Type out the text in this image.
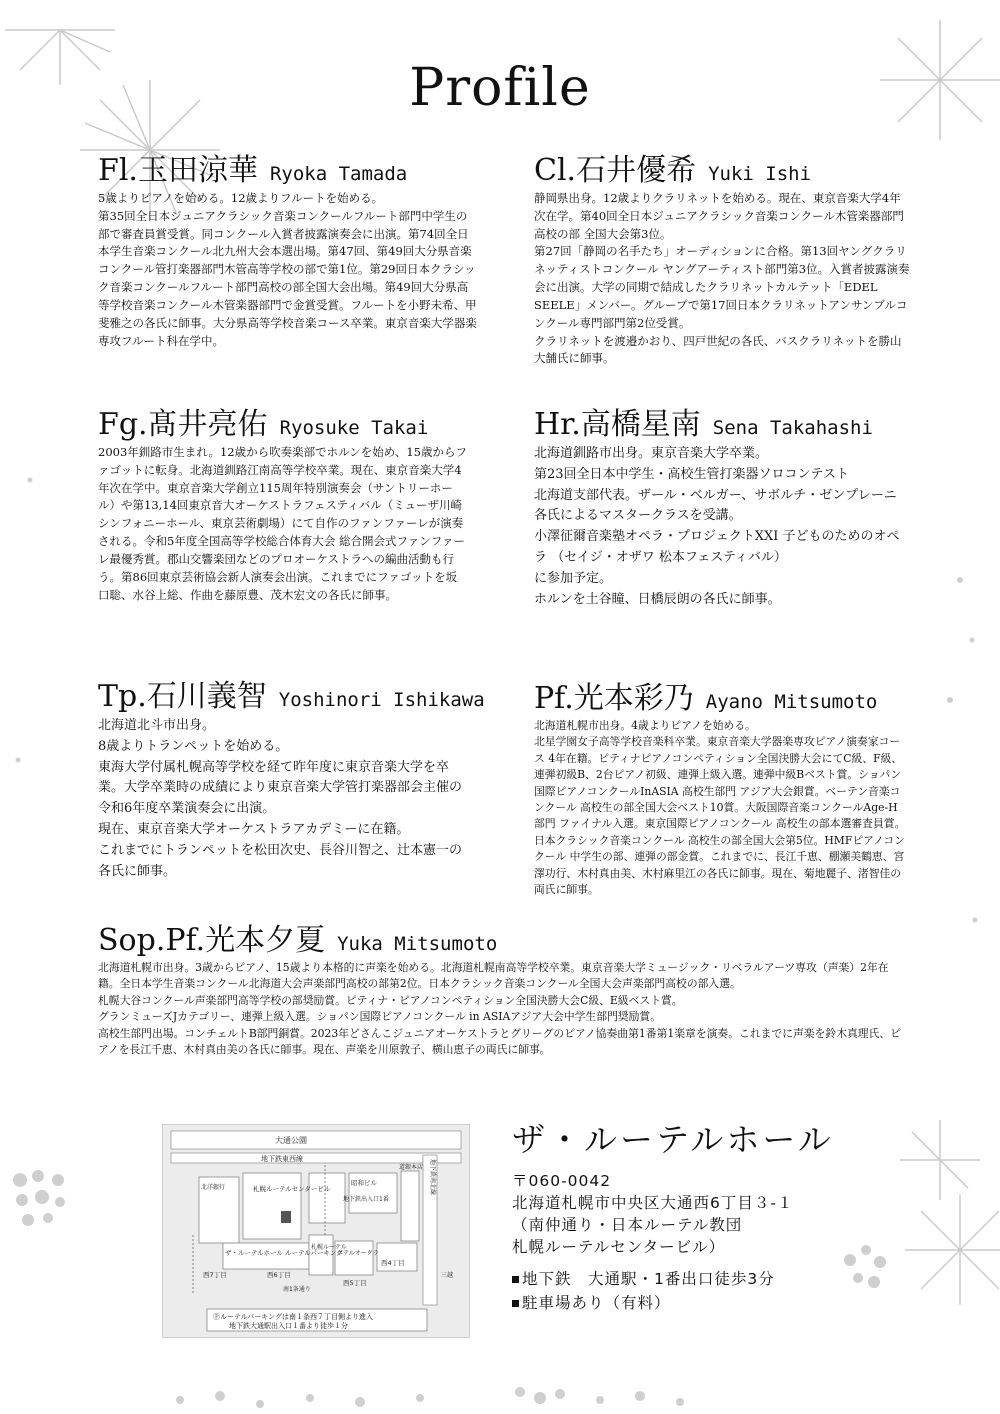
Profile
Fl.玉田涼華 Ryoka Tamada

5歳よりピアノを始める。12歳よりフルートを始める。
第35回全日本ジュニアクラシック音楽コンクールフルート部門中学生の部で審査員賞受賞。同コンクール入賞者披露演奏会に出演。第74回全日本学生音楽コンクール北九州大会本選出場。第47回、第49回大分県音楽コンクール管打楽器部門木管高等学校の部で第1位。第29回日本クラシック音楽コンクールフルート部門高校の部全国大会出場。第49回大分県高等学校音楽コンクール木管楽器部門で金賞受賞。フルートを小野未希、甲斐雅之の各氏に師事。大分県高等学校音楽コース卒業。東京音楽大学器楽専攻フルート科在学中。

Cl.石井優希 Yuki Ishi

静岡県出身。12歳よりクラリネットを始める。現在、東京音楽大学4年次在学。第40回全日本ジュニアクラシック音楽コンクール木管楽器部門高校の部 全国大会第3位。
第27回「静岡の名手たち」オーディションに合格。第13回ヤングクラリネッティストコンクール ヤングアーティスト部門第3位。入賞者披露演奏会に出演。大学の同期で結成したクラリネットカルテット「EDEL SEELE」メンバー。グループで第17回日本クラリネットアンサンブルコンクール専門部門第2位受賞。
クラリネットを渡邉かおり、四戸世紀の各氏、バスクラリネットを勝山大舗氏に師事。

Fg.髙井亮佑 Ryosuke Takai

2003年釧路市生まれ。12歳から吹奏楽部でホルンを始め、15歳からファゴットに転身。北海道釧路江南高等学校卒業。現在、東京音楽大学4年次在学中。東京音楽大学創立115周年特別演奏会（サントリーホール）や第13,14回東京音大オーケストラフェスティバル（ミューザ川崎シンフォニーホール、東京芸術劇場）にて自作のファンファーレが演奏される。令和5年度全国高等学校総合体育大会 総合開会式ファンファーレ最優秀賞。郡山交響楽団などのプロオーケストラへの編曲活動も行う。第86回東京芸術協会新人演奏会出演。これまでにファゴットを坂口聡、水谷上総、作曲を藤原豊、茂木宏文の各氏に師事。

Hr.高橋星南 Sena Takahashi

北海道釧路市出身。東京音楽大学卒業。
第23回全日本中学生・高校生管打楽器ソロコンテスト
北海道支部代表。ザール・ベルガー、サボルチ・ゼンプレーニ各氏によるマスタークラスを受講。
小澤征爾音楽塾オペラ・プロジェクトXXI 子どものためのオペラ （セイジ・オザワ 松本フェスティバル）
に参加予定。
ホルンを土谷瞳、日橋辰朗の各氏に師事。

Tp.石川義智 Yoshinori Ishikawa

北海道北斗市出身。
8歳よりトランペットを始める。
東海大学付属札幌高等学校を経て昨年度に東京音楽大学を卒業。大学卒業時の成績により東京音楽大学管打楽器部会主催の令和6年度卒業演奏会に出演。
現在、東京音楽大学オーケストラアカデミーに在籍。
これまでにトランペットを松田次史、長谷川智之、辻本憲一の各氏に師事。

Pf.光本彩乃 Ayano Mitsumoto

北海道札幌市出身。4歳よりピアノを始める。
北星学園女子高等学校音楽科卒業。東京音楽大学器楽専攻ピアノ演奏家コース 4年在籍。ピティナピアノコンペティション全国決勝大会にてC級、F級、連弾初級B、2台ピアノ初級、連弾上級入選。連弾中級Bベスト賞。ショパン国際ピアノコンクールInASIA 高校生部門 アジア大会銀賞。ベーテン音楽コンクール 高校生の部全国大会ベスト10賞。大阪国際音楽コンクールAge-H部門 ファイナル入選。東京国際ピアノコンクール 高校生の部本選審査員賞。日本クラシック音楽コンクール 高校生の部全国大会第5位。HMFピアノコンクール 中学生の部、連弾の部金賞。これまでに、長江千恵、棚瀬美鶴恵、宮澤功行、木村真由美、木村麻里江の各氏に師事。現在、菊地麗子、渚智佳の両氏に師事。

Sop.Pf.光本夕夏 Yuka Mitsumoto

北海道札幌市出身。3歳からピアノ、15歳より本格的に声楽を始める。北海道札幌南高等学校卒業。東京音楽大学ミュージック・リベラルアーツ専攻（声楽）2年在籍。全日本学生音楽コンクール北海道大会声楽部門高校の部第2位。日本クラシック音楽コンクール全国大会声楽部門高校の部入選。
札幌大谷コンクール声楽部門高等学校の部奨励賞。ピティナ・ピアノコンペティション全国決勝大会C級、E級ベスト賞。
グランミューズJカテゴリー、連弾上級入選。ショパン国際ピアノコンクール in ASIAアジア大会中学生部門奨励賞。
高校生部門出場。コンチェルトB部門銅賞。2023年どさんこジュニアオーケストラとグリーグのピアノ協奏曲第1番第1楽章を演奏。これまでに声楽を鈴木真理氏、ピアノを長江千恵、木村真由美の各氏に師事。現在、声楽を川原敦子、横山恵子の両氏に師事。

大通公園
地下鉄東西線
札幌ルーテルセンタービル
北洋銀行
昭和ビル
地下鉄出入口1番
道銀本店
ザ・ルーテルホール ルーテルパーキング
札幌ルーテル
ホテルオークラ
地下鉄南北線
三越
西7丁目	西6丁目
西5丁目
西4丁目
南1条通り
Ⓟルーテルパーキングは南１条西７丁目側より進入
地下鉄大通駅出入口１番より徒歩１分
ザ・ルーテルホール
〒060-0042
北海道札幌市中央区大通西6丁目３-１
（南仲通り・日本ルーテル教団
札幌ルーテルセンタービル）
地下鉄　大通駅・1番出口徒歩3分
駐車場あり（有料）
